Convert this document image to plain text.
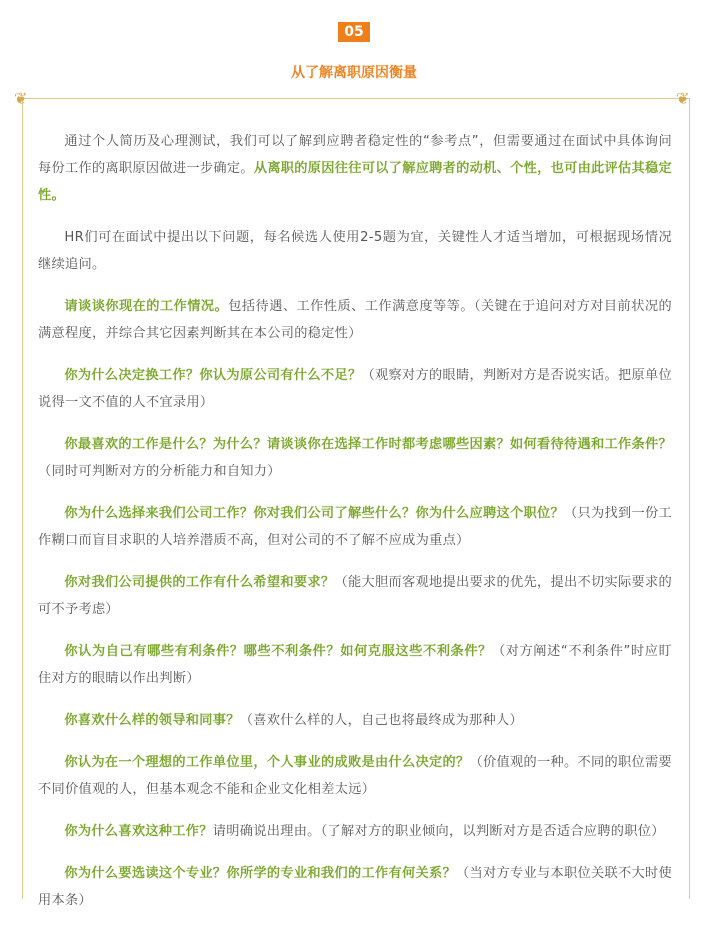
05
从了解离职原因衡量
❦	❦

通过个人简历及心理测试，我们可以了解到应聘者稳定性的“参考点”，但需要通过在面试中具体询问每份工作的离职原因做进一步确定。从离职的原因往往可以了解应聘者的动机、个性，也可由此评估其稳定性。

HR们可在面试中提出以下问题，每名候选人使用2-5题为宜，关键性人才适当增加，可根据现场情况继续追问。

请谈谈你现在的工作情况。包括待遇、工作性质、工作满意度等等。（关键在于追问对方对目前状况的满意程度，并综合其它因素判断其在本公司的稳定性）

你为什么决定换工作？你认为原公司有什么不足？（观察对方的眼睛，判断对方是否说实话。把原单位说得一文不值的人不宜录用）

你最喜欢的工作是什么？为什么？请谈谈你在选择工作时都考虑哪些因素？如何看待待遇和工作条件？（同时可判断对方的分析能力和自知力）

你为什么选择来我们公司工作？你对我们公司了解些什么？你为什么应聘这个职位？（只为找到一份工作糊口而盲目求职的人培养潜质不高，但对公司的不了解不应成为重点）

你对我们公司提供的工作有什么希望和要求？（能大胆而客观地提出要求的优先，提出不切实际要求的可不予考虑）

你认为自己有哪些有利条件？哪些不利条件？如何克服这些不利条件？（对方阐述“不利条件”时应盯住对方的眼睛以作出判断）

你喜欢什么样的领导和同事？（喜欢什么样的人，自己也将最终成为那种人）

你认为在一个理想的工作单位里，个人事业的成败是由什么决定的？（价值观的一种。不同的职位需要不同价值观的人，但基本观念不能和企业文化相差太远）

你为什么喜欢这种工作？请明确说出理由。（了解对方的职业倾向，以判断对方是否适合应聘的职位）

你为什么要选读这个专业？你所学的专业和我们的工作有何关系？（当对方专业与本职位关联不大时使用本条）
